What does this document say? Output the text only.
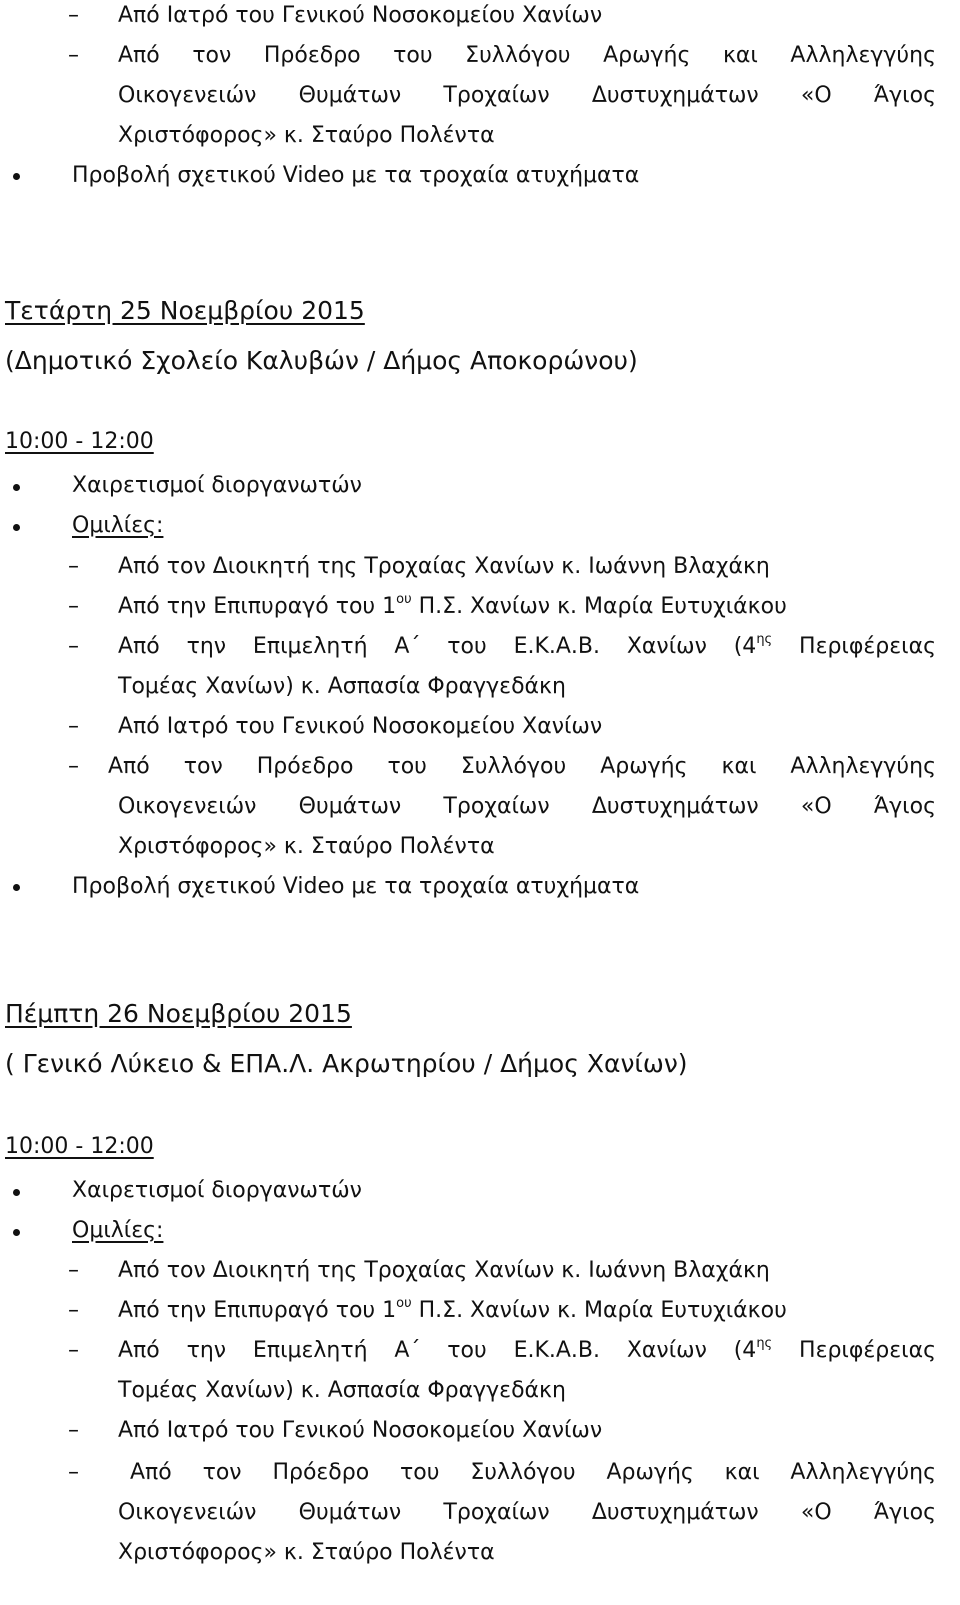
– Από Ιατρό του Γενικού Νοσοκομείου Χανίων
– Από τον Πρόεδρο του Συλλόγου Αρωγής και Αλληλεγγύης
Οικογενειών Θυμάτων Τροχαίων Δυστυχημάτων «Ο Άγιος
Χριστόφορος» κ. Σταύρο Πολέντα
Προβολή σχετικού Video με τα τροχαία ατυχήματα
Τετάρτη 25 Νοεμβρίου 2015
(Δημοτικό Σχολείο Καλυβών / Δήμος Αποκορώνου)
10:00 - 12:00
Χαιρετισμοί διοργανωτών
Ομιλίες:
– Από τον Διοικητή της Τροχαίας Χανίων κ. Ιωάννη Βλαχάκη
– Από την Επιπυραγό του $1^{o\upsilon}$ Π.Σ. Χανίων κ. Μαρία Ευτυχιάκου
– Από την Επιμελητή Α΄ του Ε.Κ.Α.Β. Χανίων ($4^{\eta\varsigma}$ Περιφέρειας
Τομέας Χανίων) κ. Ασπασία Φραγγεδάκη
– Από Ιατρό του Γενικού Νοσοκομείου Χανίων
– Από τον Πρόεδρο του Συλλόγου Αρωγής και Αλληλεγγύης
Οικογενειών Θυμάτων Τροχαίων Δυστυχημάτων «Ο Άγιος
Χριστόφορος» κ. Σταύρο Πολέντα
Προβολή σχετικού Video με τα τροχαία ατυχήματα
Πέμπτη 26 Νοεμβρίου 2015
( Γενικό Λύκειο & ΕΠΑ.Λ. Ακρωτηρίου / Δήμος Χανίων)
10:00 - 12:00
Χαιρετισμοί διοργανωτών
Ομιλίες:
– Από τον Διοικητή της Τροχαίας Χανίων κ. Ιωάννη Βλαχάκη
– Από την Επιπυραγό του $1^{o\upsilon}$ Π.Σ. Χανίων κ. Μαρία Ευτυχιάκου
– Από την Επιμελητή Α΄ του Ε.Κ.Α.Β. Χανίων ($4^{\eta\varsigma}$ Περιφέρειας
Τομέας Χανίων) κ. Ασπασία Φραγγεδάκη
– Από Ιατρό του Γενικού Νοσοκομείου Χανίων
– Από τον Πρόεδρο του Συλλόγου Αρωγής και Αλληλεγγύης
Οικογενειών Θυμάτων Τροχαίων Δυστυχημάτων «Ο Άγιος
Χριστόφορος» κ. Σταύρο Πολέντα
